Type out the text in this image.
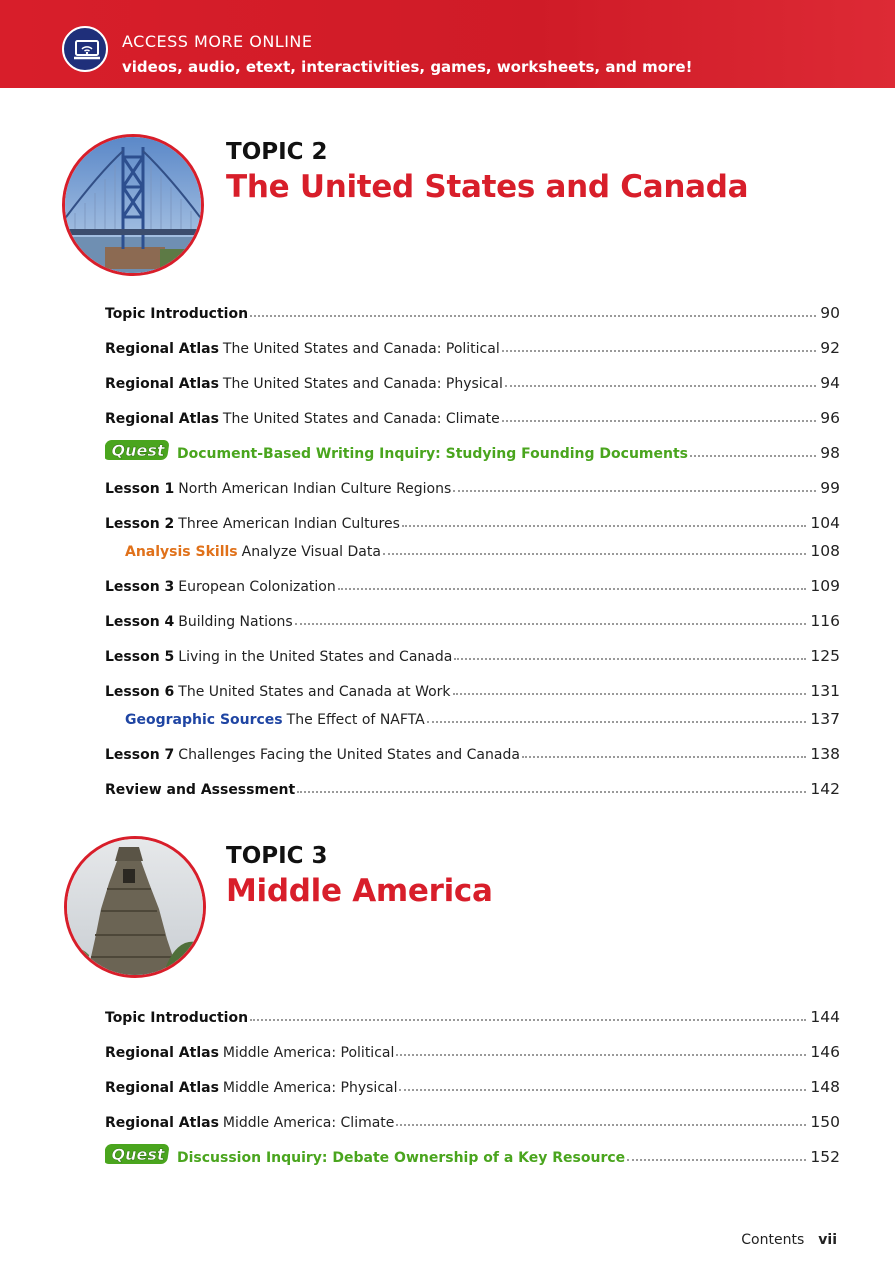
ACCESS MORE ONLINE
videos, audio, etext, interactivities, games, worksheets, and more!
TOPIC 2
The United States and Canada
Topic Introduction	90
Regional Atlas The United States and Canada: Political	92
Regional Atlas The United States and Canada: Physical	94
Regional Atlas The United States and Canada: Climate	96
Quest Document-Based Writing Inquiry: Studying Founding Documents	98
Lesson 1 North American Indian Culture Regions	99
Lesson 2 Three American Indian Cultures	104
Analysis Skills Analyze Visual Data	108
Lesson 3 European Colonization	109
Lesson 4 Building Nations	116
Lesson 5 Living in the United States and Canada	125
Lesson 6 The United States and Canada at Work	131
Geographic Sources The Effect of NAFTA	137
Lesson 7 Challenges Facing the United States and Canada	138
Review and Assessment	142
TOPIC 3
Middle America
Topic Introduction	144
Regional Atlas Middle America: Political	146
Regional Atlas Middle America: Physical	148
Regional Atlas Middle America: Climate	150
Quest Discussion Inquiry: Debate Ownership of a Key Resource	152
Contents vii
